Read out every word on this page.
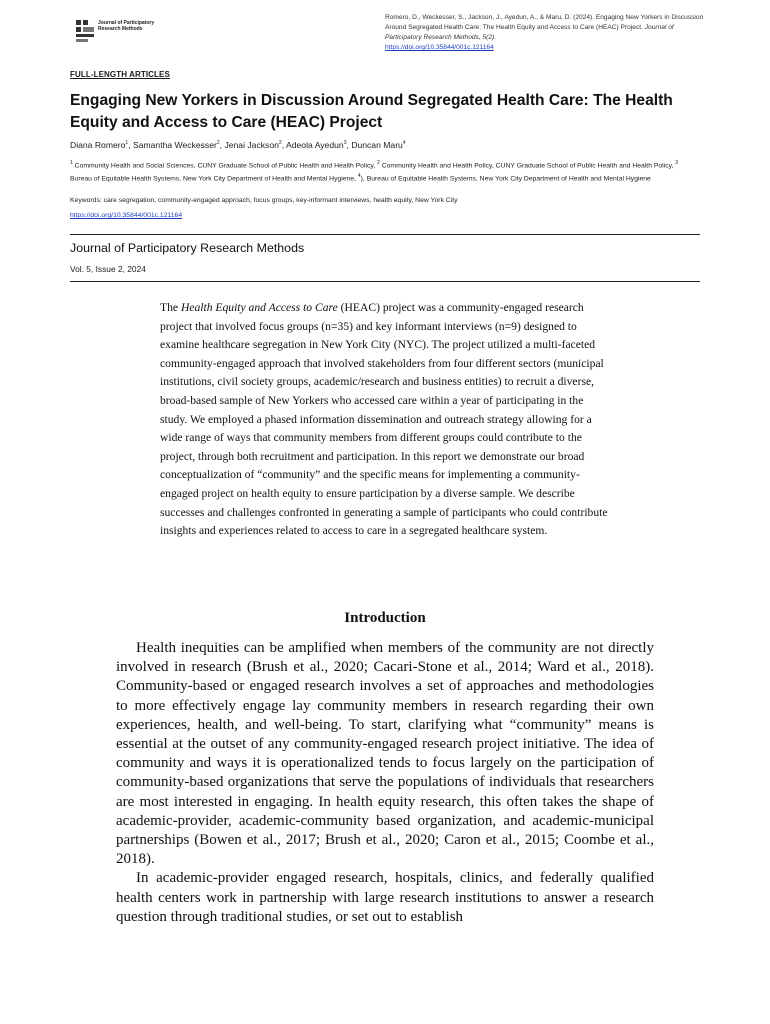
Journal of Participatory Research Methods
Romero, D., Weckesser, S., Jackson, J., Ayedun, A., & Maru, D. (2024). Engaging New Yorkers in Discussion Around Segregated Health Care: The Health Equity and Access to Care (HEAC) Project. Journal of Participatory Research Methods, 5(2).
https://doi.org/10.35844/001c.121164
FULL-LENGTH ARTICLES
Engaging New Yorkers in Discussion Around Segregated Health Care: The Health Equity and Access to Care (HEAC) Project
Diana Romero$^1$, Samantha Weckesser$^2$, Jenai Jackson$^2$, Adeola Ayedun$^3$, Duncan Maru$^4$
$^1$ Community Health and Social Sciences, CUNY Graduate School of Public Health and Health Policy, $^2$ Community Health and Health Policy, CUNY Graduate School of Public Health and Health Policy, $^3$ Bureau of Equitable Health Systems, New York City Department of Health and Mental Hygiene, $^4$), Bureau of Equitable Health Systems, New York City Department of Health and Mental Hygiene
Keywords: care segregation, community-engaged approach, focus groups, key-informant interviews, health equity, New York City
https://doi.org/10.35844/001c.121164
Journal of Participatory Research Methods
Vol. 5, Issue 2, 2024
The Health Equity and Access to Care (HEAC) project was a community-engaged research project that involved focus groups (n=35) and key informant interviews (n=9) designed to examine healthcare segregation in New York City (NYC). The project utilized a multi-faceted community-engaged approach that involved stakeholders from four different sectors (municipal institutions, civil society groups, academic/research and business entities) to recruit a diverse, broad-based sample of New Yorkers who accessed care within a year of participating in the study. We employed a phased information dissemination and outreach strategy allowing for a wide range of ways that community members from different groups could contribute to the project, through both recruitment and participation. In this report we demonstrate our broad conceptualization of “community” and the specific means for implementing a community-engaged project on health equity to ensure participation by a diverse sample. We describe successes and challenges confronted in generating a sample of participants who could contribute insights and experiences related to access to care in a segregated healthcare system.
Introduction

Health inequities can be amplified when members of the community are not directly involved in research (Brush et al., 2020; Cacari-Stone et al., 2014; Ward et al., 2018). Community-based or engaged research involves a set of approaches and methodologies to more effectively engage lay community members in research regarding their own experiences, health, and well-being. To start, clarifying what “community” means is essential at the outset of any community-engaged research project initiative. The idea of community and ways it is operationalized tends to focus largely on the participation of community-based organizations that serve the populations of individuals that researchers are most interested in engaging. In health equity research, this often takes the shape of academic-provider, academic-community based organization, and academic-municipal partnerships (Bowen et al., 2017; Brush et al., 2020; Caron et al., 2015; Coombe et al., 2018).

In academic-provider engaged research, hospitals, clinics, and federally qualified health centers work in partnership with large research institutions to answer a research question through traditional studies, or set out to establish
